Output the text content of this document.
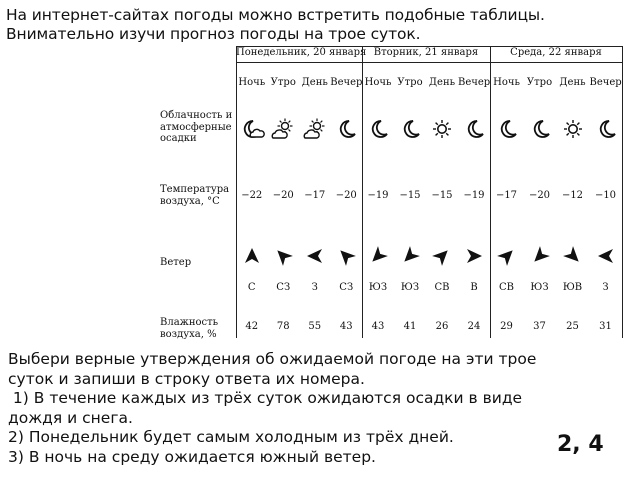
На интернет-сайтах погоды можно встретить подобные таблицы.
Внимательно изучи прогноз погоды на трое суток.
Облачность и
атмосферные
осадки
Температура
воздуха, °С
Ветер
Влажность
воздуха, %
Понедельник, 20 января
Ночь
−22
С
42
Утро
−20
СЗ
78
День
−17
З
55
Вечер
−20
СЗ
43
Вторник, 21 января
Ночь
−19
ЮЗ
43
Утро
−15
ЮЗ
41
День
−15
СВ
26
Вечер
−19
В
24
Среда, 22 января
Ночь
−17
СВ
29
Утро
−20
ЮЗ
37
День
−12
ЮВ
25
Вечер
−10
З
31
Выбери верные утверждения об ожидаемой погоде на эти трое
суток и запиши в строку ответа их номера.
1) В течение каждых из трёх суток ожидаются осадки в виде
дождя и снега.
2) Понедельник будет самым холодным из трёх дней.
3) В ночь на среду ожидается южный ветер.	2, 4
